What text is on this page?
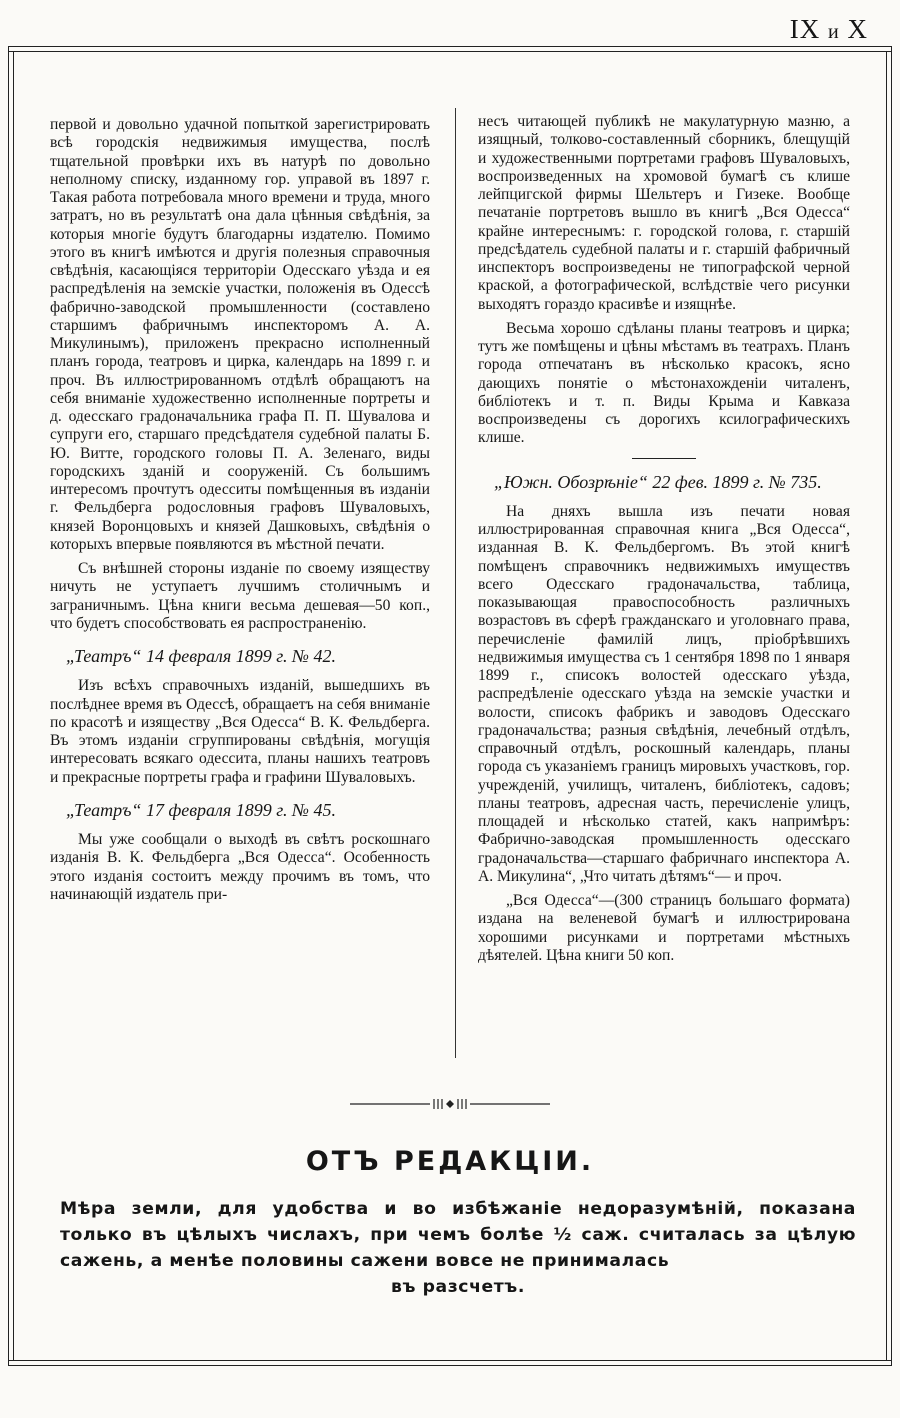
IX и X

первой и довольно удачной попыткой зарегистрировать всѣ городскія недвижимыя имущества, послѣ тщательной провѣрки ихъ въ натурѣ по довольно неполному списку, изданному гор. управой въ 1897 г. Такая работа потребовала много времени и труда, много затратъ, но въ результатѣ она дала цѣнныя свѣдѣнія, за которыя многіе будутъ благодарны издателю. Помимо этого въ книгѣ имѣются и другія полезныя справочныя свѣдѣнія, касающіяся территоріи Одесскаго уѣзда и ея распредѣленія на земскіе участки, положенія въ Одессѣ фабрично-заводской промышленности (составлено старшимъ фабричнымъ инспекторомъ А. А. Микулинымъ), приложенъ прекрасно исполненный планъ города, театровъ и цирка, календарь на 1899 г. и проч. Въ иллюстрированномъ отдѣлѣ обращаютъ на себя вниманіе художественно исполненные портреты и д. одесскаго градоначальника графа П. П. Шувалова и супруги его, старшаго предсѣдателя судебной палаты Б. Ю. Витте, городского головы П. А. Зеленаго, виды городскихъ зданій и сооруженій. Съ большимъ интересомъ прочтутъ одесситы помѣщенныя въ изданіи г. Фельдберга родословныя графовъ Шуваловыхъ, князей Воронцовыхъ и князей Дашковыхъ, свѣдѣнія о которыхъ впервые появляются въ мѣстной печати.

Съ внѣшней стороны изданіе по своему изяществу ничуть не уступаетъ лучшимъ столичнымъ и заграничнымъ. Цѣна книги весьма дешевая—50 коп., что будетъ способствовать ея распространенію.

„Театръ“ 14 февраля 1899 г. № 42.

Изъ всѣхъ справочныхъ изданій, вышедшихъ въ послѣднее время въ Одессѣ, обращаетъ на себя вниманіе по красотѣ и изяществу „Вся Одесса“ В. К. Фельдберга. Въ этомъ изданіи сгруппированы свѣдѣнія, могущія интересовать всякаго одессита, планы нашихъ театровъ и прекрасные портреты графа и графини Шуваловыхъ.

„Театръ“ 17 февраля 1899 г. № 45.

Мы уже сообщали о выходѣ въ свѣтъ роскошнаго изданія В. К. Фельдберга „Вся Одесса“. Особенность этого изданія состоитъ между прочимъ въ томъ, что начинающій издатель при-

несъ читающей публикѣ не макулатурную мазню, а изящный, толково-составленный сборникъ, блещущій и художественными портретами графовъ Шуваловыхъ, воспроизведенных на хромовой бумагѣ съ клише лейпцигской фирмы Шельтеръ и Гизеке. Вообще печатаніе портретовъ вышло въ книгѣ „Вся Одесса“ крайне интереснымъ: г. городской голова, г. старшій предсѣдатель судебной палаты и г. старшій фабричный инспекторъ воспроизведены не типографской черной краской, а фотографической, вслѣдствіе чего рисунки выходятъ гораздо красивѣе и изящнѣе.

Весьма хорошо сдѣланы планы театровъ и цирка; тутъ же помѣщены и цѣны мѣстамъ въ театрахъ. Планъ города отпечатанъ въ нѣсколько красокъ, ясно дающихъ понятіе о мѣстонахожденіи читаленъ, библіотекъ и т. п. Виды Крыма и Кавказа воспроизведены съ дорогихъ ксилографическихъ клише.

„Южн. Обозрѣніе“ 22 фев. 1899 г. № 735.

На дняхъ вышла изъ печати новая иллюстрированная справочная книга „Вся Одесса“, изданная В. К. Фельдбергомъ. Въ этой книгѣ помѣщенъ справочникъ недвижимыхъ имуществъ всего Одесскаго градоначальства, таблица, показывающая правоспособность различныхъ возрастовъ въ сферѣ гражданскаго и уголовнаго права, перечисленіе фамилій лицъ, пріобрѣвшихъ недвижимыя имущества съ 1 сентября 1898 по 1 января 1899 г., списокъ волостей одесскаго уѣзда, распредѣленіе одесскаго уѣзда на земскіе участки и волости, списокъ фабрикъ и заводовъ Одесскаго градоначальства; разныя свѣдѣнія, лечебный отдѣлъ, справочный отдѣлъ, роскошный календарь, планы города съ указаніемъ границъ мировыхъ участковъ, гор. учрежденій, училищъ, читаленъ, библіотекъ, садовъ; планы театровъ, адресная часть, перечисленіе улицъ, площадей и нѣсколько статей, какъ напримѣръ: Фабрично-заводская промышленность одесскаго градоначальства—старшаго фабричнаго инспектора А. А. Микулина“, „Что читать дѣтямъ“— и проч.

„Вся Одесса“—(300 страницъ большаго формата) издана на веленевой бумагѣ и иллюстрирована хорошими рисунками и портретами мѣстныхъ дѣятелей. Цѣна книги 50 коп.

ОТЪ РЕДАКЦІИ.
Мѣра земли, для удобства и во избѣжаніе недоразумѣній, показана только въ цѣлыхъ числахъ, при чемъ болѣе ½ саж. считалась за цѣлую сажень, а менѣе половины сажени вовсе не принималась
въ разсчетъ.
